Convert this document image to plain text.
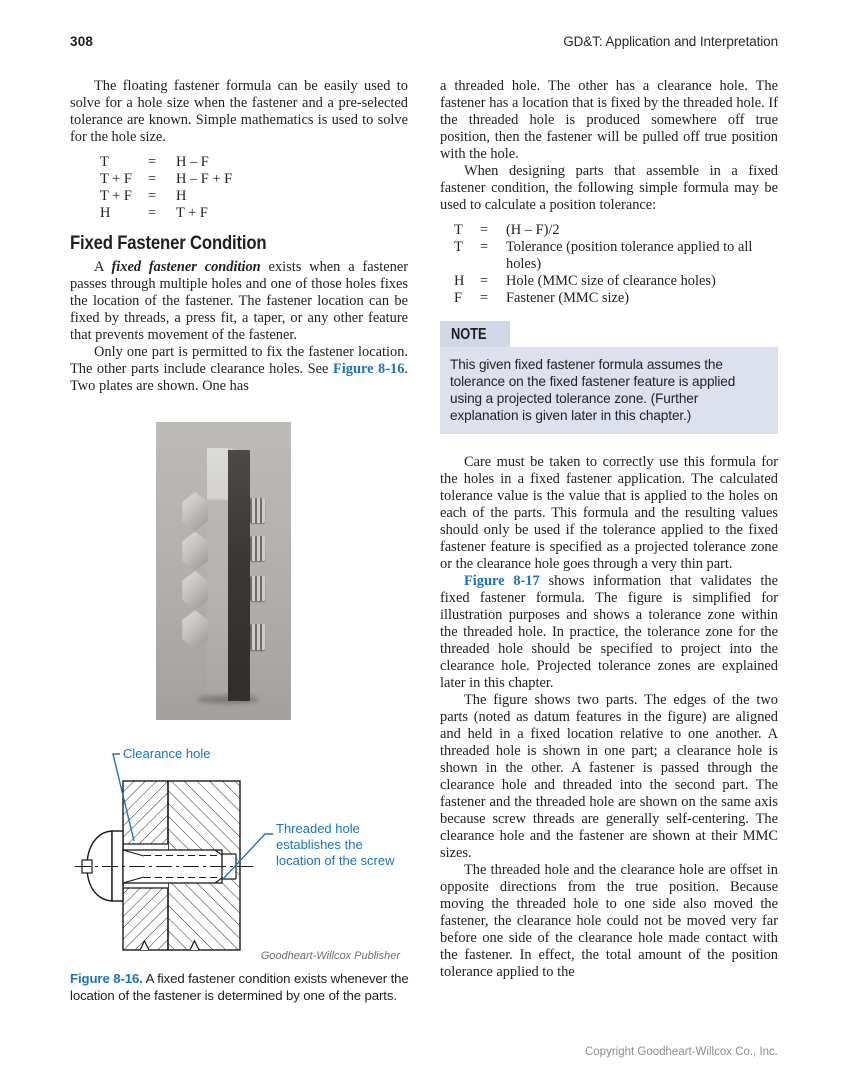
308	GD&T: Application and Interpretation

The floating fastener formula can be easily used to solve for a hole size when the fastener and a pre-selected tolerance are known. Simple mathematics is used to solve for the hole size.

T	=	H – F
T + F	=	H – F + F
T + F	=	H
H	=	T + F
Fixed Fastener Condition

A fixed fastener condition exists when a fastener passes through multiple holes and one of those holes fixes the location of the fastener. The fastener location can be fixed by threads, a press fit, a taper, or any other feature that prevents movement of the fastener.

Only one part is permitted to fix the fastener location. The other parts include clearance holes. See Figure 8-16. Two plates are shown. One has

a threaded hole. The other has a clearance hole. The fastener has a location that is fixed by the threaded hole. If the threaded hole is produced somewhere off true position, then the fastener will be pulled off true position with the hole.

When designing parts that assemble in a fixed fastener condition, the following simple formula may be used to calculate a position tolerance:

T	=	(H – F)/2
T	=	Tolerance (position tolerance applied to all holes)
H	=	Hole (MMC size of clearance holes)
F	=	Fastener (MMC size)
NOTE
This given fixed fastener formula assumes the tolerance on the fixed fastener feature is applied using a projected tolerance zone. (Further explanation is given later in this chapter.)

Care must be taken to correctly use this formula for the holes in a fixed fastener application. The calculated tolerance value is the value that is applied to the holes on each of the parts. This formula and the resulting values should only be used if the tolerance applied to the fixed fastener feature is specified as a projected tolerance zone or the clearance hole goes through a very thin part.

Figure 8-17 shows information that validates the fixed fastener formula. The figure is simplified for illustration purposes and shows a tolerance zone within the threaded hole. In practice, the tolerance zone for the threaded hole should be specified to project into the clearance hole. Projected tolerance zones are explained later in this chapter.

The figure shows two parts. The edges of the two parts (noted as datum features in the figure) are aligned and held in a fixed location relative to one another. A threaded hole is shown in one part; a clearance hole is shown in the other. A fastener is passed through the clearance hole and threaded into the second part. The fastener and the threaded hole are shown on the same axis because screw threads are generally self-centering. The clearance hole and the fastener are shown at their MMC sizes.

The threaded hole and the clearance hole are offset in opposite directions from the true position. Because moving the threaded hole to one side also moved the fastener, the clearance hole could not be moved very far before one side of the clearance hole made contact with the fastener. In effect, the total amount of the position tolerance applied to the

Clearance hole
Threaded hole
establishes the
location of the screw
Goodheart-Willcox Publisher
Figure 8-16. A fixed fastener condition exists whenever the location of the fastener is determined by one of the parts.
Copyright Goodheart-Willcox Co., Inc.
